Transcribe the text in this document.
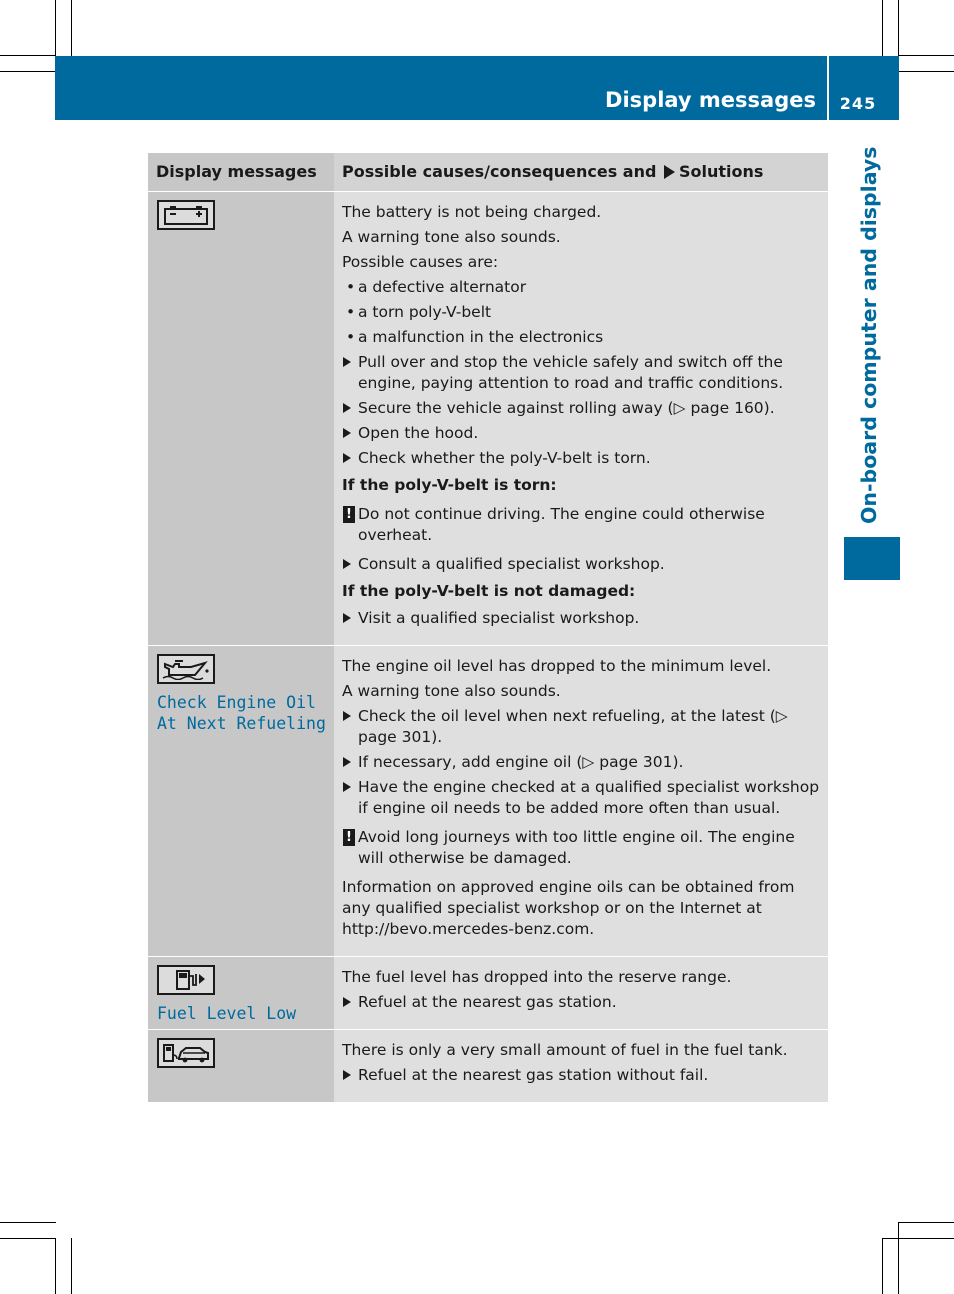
Display messages	245
On-board computer and displays
Display messages	Possible causes/consequences and Solutions
The battery is not being charged.
A warning tone also sounds.
Possible causes are:
• a defective alternator
• a torn poly-V-belt
• a malfunction in the electronics
Pull over and stop the vehicle safely and switch off the engine, paying attention to road and traffic conditions.
Secure the vehicle against rolling away (▷ page 160).
Open the hood.
Check whether the poly-V-belt is torn.
If the poly-V-belt is torn:
! Do not continue driving. The engine could otherwise overheat.
Consult a qualified specialist workshop.
If the poly-V-belt is not damaged:
Visit a qualified specialist workshop.
Check Engine Oil
At Next Refueling
The engine oil level has dropped to the minimum level.
A warning tone also sounds.
Check the oil level when next refueling, at the latest (▷ page 301).
If necessary, add engine oil (▷ page 301).
Have the engine checked at a qualified specialist workshop if engine oil needs to be added more often than usual.
! Avoid long journeys with too little engine oil. The engine will otherwise be damaged.
Information on approved engine oils can be obtained from any qualified specialist workshop or on the Internet at http://bevo.mercedes-benz.com.
Fuel Level Low
The fuel level has dropped into the reserve range.
Refuel at the nearest gas station.
There is only a very small amount of fuel in the fuel tank.
Refuel at the nearest gas station without fail.
